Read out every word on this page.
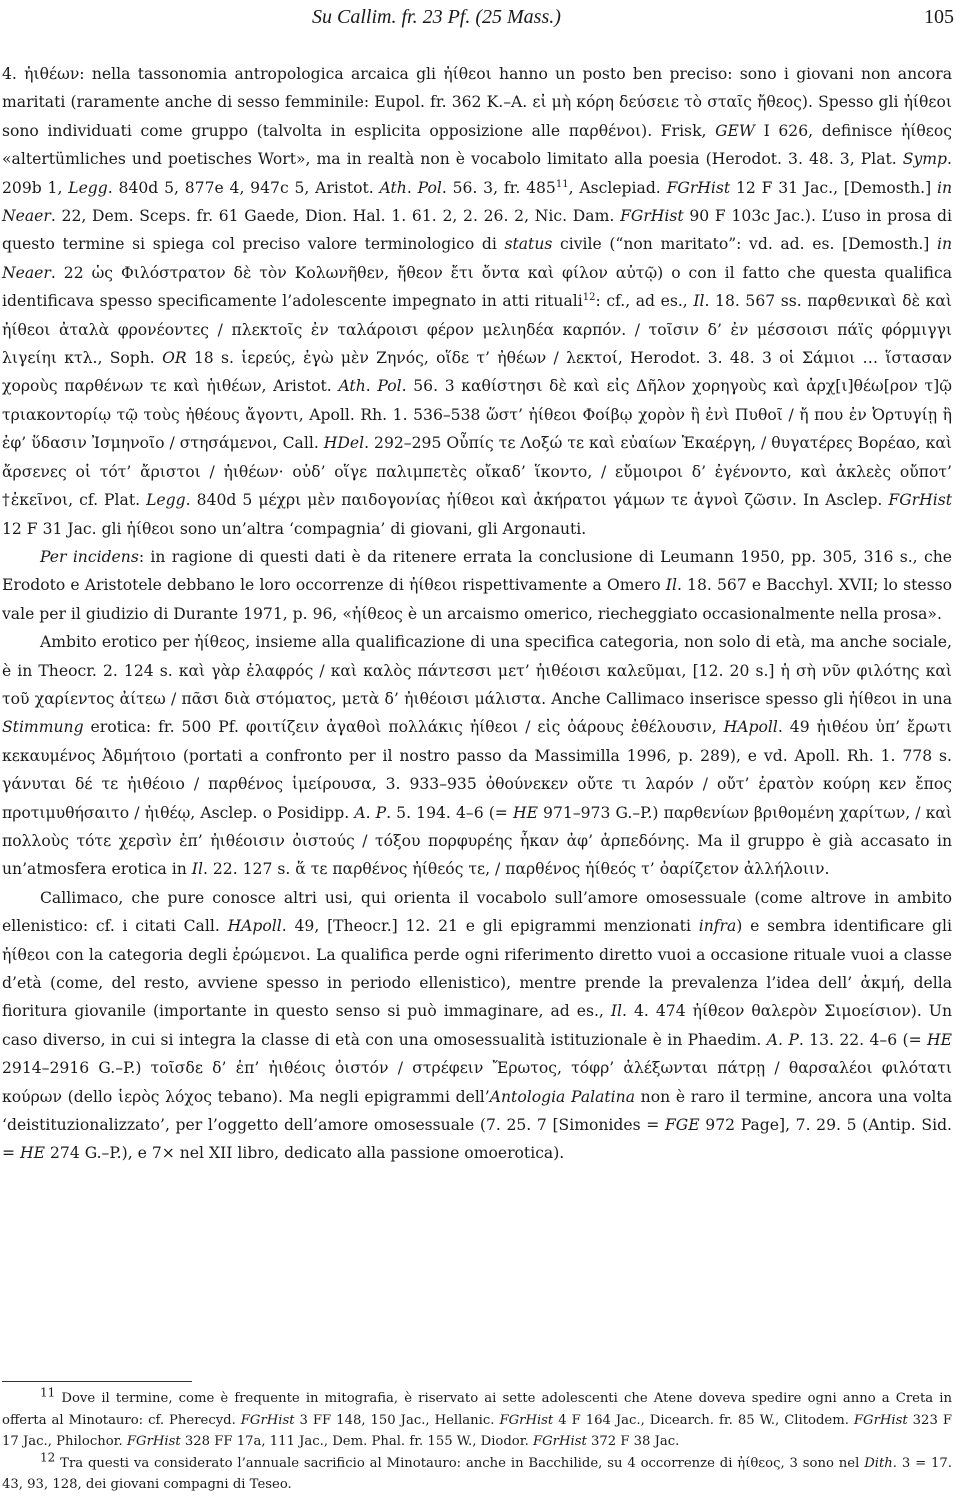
Su Callim. fr. 23 Pf. (25 Mass.)	105

4. ἠιθέων: nella tassonomia antropologica arcaica gli ἠίθεοι hanno un posto ben preciso: sono i giovani non ancora maritati (raramente anche di sesso femminile: Eupol. fr. 362 K.–A. εἰ μὴ κόρη δεύσειε τὸ σταῖς ἤθεος). Spesso gli ἠίθεοι sono individuati come gruppo (talvolta in esplicita opposizione alle παρθένοι). Frisk, GEW I 626, definisce ἠίθεος «altertümliches und poetisches Wort», ma in realtà non è vocabolo limitato alla poesia (Herodot. 3. 48. 3, Plat. Symp. 209b 1, Legg. 840d 5, 877e 4, 947c 5, Aristot. Ath. Pol. 56. 3, fr. $485^{11}$, Asclepiad. FGrHist 12 F 31 Jac., [Demosth.] in Neaer. 22, Dem. Sceps. fr. 61 Gaede, Dion. Hal. 1. 61. 2, 2. 26. 2, Nic. Dam. FGrHist 90 F 103c Jac.). L’uso in prosa di questo termine si spiega col preciso valore terminologico di status civile (“non maritato”: vd. ad. es. [Demosth.] in Neaer. 22 ὡς Φιλόστρατον δὲ τὸν Κολωνῆθεν, ἤθεον ἔτι ὄντα καὶ φίλον αὐτῷ) o con il fatto che questa qualifica identificava spesso specificamente l’adolescente impegnato in atti rituali$^{12}$: cf., ad es., Il. 18. 567 ss. παρθενικαὶ δὲ καὶ ἠίθεοι ἀταλὰ φρονέοντες / πλεκτοῖς ἐν ταλάροισι φέρον μελιηδέα καρπόν. / τοῖσιν δ’ ἐν μέσσοισι πάϊς φόρμιγγι λιγείηι κτλ., Soph. OR 18 s. ἱερεύς, ἐγὼ μὲν Ζηνός, οἵδε τ’ ἠθέων / λεκτοί, Herodot. 3. 48. 3 οἱ Σάμιοι … ἵστασαν χοροὺς παρθένων τε καὶ ἠιθέων, Aristot. Ath. Pol. 56. 3 καθίστησι δὲ καὶ εἰς Δῆλον χορηγοὺς καὶ ἀρχ[ι]θέω[ρον τ]ῷ τριακοντορίῳ τῷ τοὺς ἠθέους ἄγοντι, Apoll. Rh. 1. 536–538 ὥστ’ ἠίθεοι Φοίβῳ χορὸν ἢ ἐνὶ Πυθοῖ / ἤ που ἐν Ὀρτυγίῃ ἢ ἐφ’ ὕδασιν Ἰσμηνοῖο / στησάμενοι, Call. HDel. 292–295 Οὖπίς τε Λοξώ τε καὶ εὐαίων Ἑκαέργη, / θυγατέρες Βορέαο, καὶ ἄρσενες οἱ τότ’ ἄριστοι / ἠιθέων· οὐδ’ οἵγε παλιμπετὲς οἴκαδ’ ἵκοντο, / εὔμοιροι δ’ ἐγένοντο, καὶ ἀκλεὲς οὔποτ’ †ἐκεῖνοι, cf. Plat. Legg. 840d 5 μέχρι μὲν παιδογονίας ἠίθεοι καὶ ἀκήρατοι γάμων τε ἁγνοὶ ζῶσιν. In Asclep. FGrHist 12 F 31 Jac. gli ἠίθεοι sono un’altra ‘compagnia’ di giovani, gli Argonauti.

Per incidens: in ragione di questi dati è da ritenere errata la conclusione di Leumann 1950, pp. 305, 316 s., che Erodoto e Aristotele debbano le loro occorrenze di ἠίθεοι rispettivamente a Omero Il. 18. 567 e Bacchyl. XVII; lo stesso vale per il giudizio di Durante 1971, p. 96, «ἠίθεος è un arcaismo omerico, riecheggiato occasionalmente nella prosa».

Ambito erotico per ἠίθεος, insieme alla qualificazione di una specifica categoria, non solo di età, ma anche sociale, è in Theocr. 2. 124 s. καὶ γὰρ ἐλαφρός / καὶ καλὸς πάντεσσι μετ’ ἠιθέοισι καλεῦμαι, [12. 20 s.] ἡ σὴ νῦν φιλότης καὶ τοῦ χαρίεντος ἀίτεω / πᾶσι διὰ στόματος, μετὰ δ’ ἠιθέοισι μάλιστα. Anche Callimaco inserisce spesso gli ἠίθεοι in una Stimmung erotica: fr. 500 Pf. φοιτίζειν ἀγαθοὶ πολλάκις ἠίθεοι / εἰς ὀάρους ἐθέλουσιν, HApoll. 49 ἠιθέου ὑπ’ ἔρωτι κεκαυμένος Ἀδμήτοιο (portati a confronto per il nostro passo da Massimilla 1996, p. 289), e vd. Apoll. Rh. 1. 778 s. γάνυται δέ τε ἠιθέοιο / παρθένος ἱμείρουσα, 3. 933–935 ὀθούνεκεν οὔτε τι λαρόν / οὔτ’ ἐρατὸν κούρη κεν ἔπος προτιμυθήσαιτο / ἠιθέῳ, Asclep. o Posidipp. A. P. 5. 194. 4–6 (= HE 971–973 G.–P.) παρθενίων βριθομένη χαρίτων, / καὶ πολλοὺς τότε χερσὶν ἐπ’ ἠιθέοισιν ὀιστούς / τόξου πορφυρέης ἧκαν ἀφ’ ἁρπεδόνης. Ma il gruppo è già accasato in un’atmosfera erotica in Il. 22. 127 s. ἅ τε παρθένος ἠίθεός τε, / παρθένος ἠίθεός τ’ ὀαρίζετον ἀλλήλοιιν.

Callimaco, che pure conosce altri usi, qui orienta il vocabolo sull’amore omosessuale (come altrove in ambito ellenistico: cf. i citati Call. HApoll. 49, [Theocr.] 12. 21 e gli epigrammi menzionati infra) e sembra identificare gli ἠίθεοι con la categoria degli ἐρώμενοι. La qualifica perde ogni riferimento diretto vuoi a occasione rituale vuoi a classe d’età (come, del resto, avviene spesso in periodo ellenistico), mentre prende la prevalenza l’idea dell’ ἀκμή, della fioritura giovanile (importante in questo senso si può immaginare, ad es., Il. 4. 474 ἠίθεον θαλερὸν Σιμοείσιον). Un caso diverso, in cui si integra la classe di età con una omosessualità istituzionale è in Phaedim. A. P. 13. 22. 4–6 (= HE 2914–2916 G.–P.) τοῖσδε δ’ ἐπ’ ἠιθέοις ὀιστόν / στρέφειν Ἔρωτος, τόφρ’ ἀλέξωνται πάτρῃ / θαρσαλέοι φιλότατι κούρων (dello ἱερὸς λόχος tebano). Ma negli epigrammi dell’Antologia Palatina non è raro il termine, ancora una volta ‘deistituzionalizzato’, per l’oggetto dell’amore omosessuale (7. 25. 7 [Simonides = FGE 972 Page], 7. 29. 5 (Antip. Sid. = HE 274 G.–P.), e 7× nel XII libro, dedicato alla passione omoerotica).

$^{11}$ Dove il termine, come è frequente in mitografia, è riservato ai sette adolescenti che Atene doveva spedire ogni anno a Creta in offerta al Minotauro: cf. Pherecyd. FGrHist 3 FF 148, 150 Jac., Hellanic. FGrHist 4 F 164 Jac., Dicearch. fr. 85 W., Clitodem. FGrHist 323 F 17 Jac., Philochor. FGrHist 328 FF 17a, 111 Jac., Dem. Phal. fr. 155 W., Diodor. FGrHist 372 F 38 Jac.

$^{12}$ Tra questi va considerato l’annuale sacrificio al Minotauro: anche in Bacchilide, su 4 occorrenze di ἠίθεος, 3 sono nel Dith. 3 = 17. 43, 93, 128, dei giovani compagni di Teseo.
